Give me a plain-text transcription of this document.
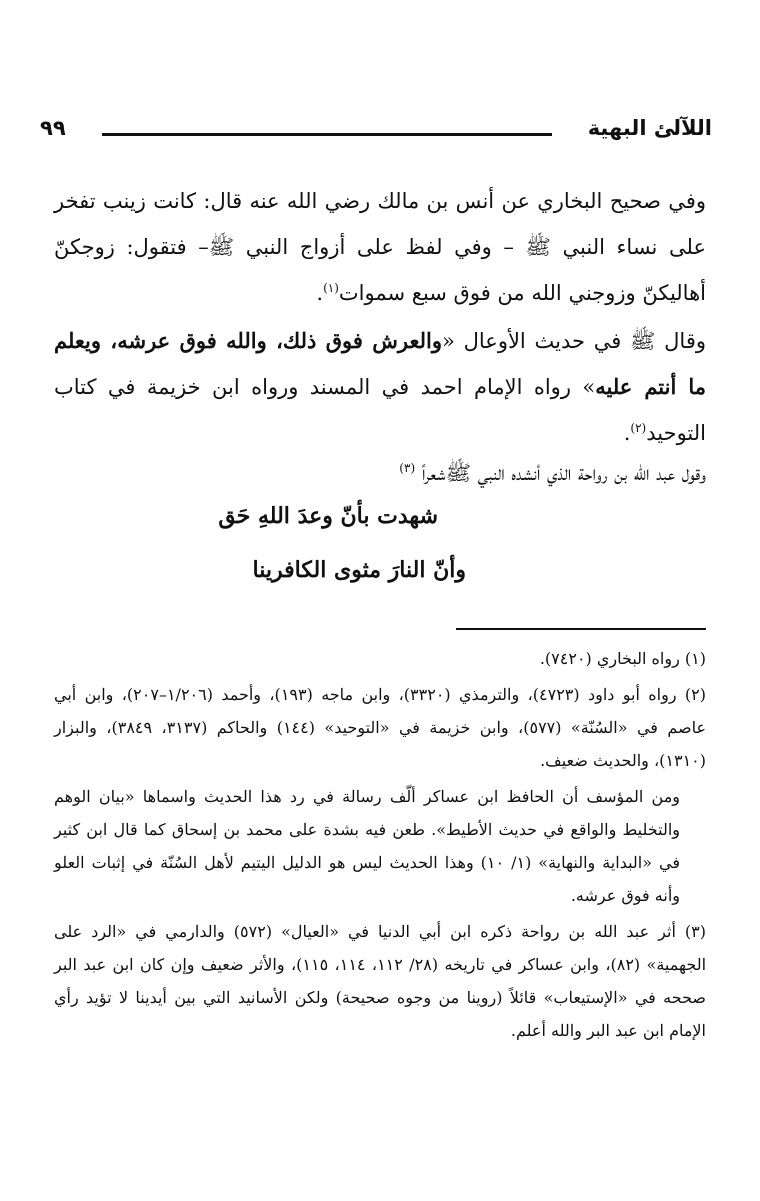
اللآلئ البهية
٩٩

وفي صحيح البخاري عن أنس بن مالك رضي الله عنه قال: كانت زينب تفخر على نساء النبي ﷺ – وفي لفظ على أزواج النبي ﷺ– فتقول: زوجكنّ أهاليكنّ وزوجني الله من فوق سبع سموات$^{(١)}$.

وقال ﷺ في حديث الأوعال «والعرش فوق ذلك، والله فوق عرشه، ويعلم ما أنتم عليه» رواه الإمام احمد في المسند ورواه ابن خزيمة في كتاب التوحيد$^{(٢)}$.

وقول عبد الله بن رواحة الذي أنشده النبي ﷺشعراً $^{(٣)}$

شهدت بأنّ وعدَ اللهِ حَق
وأنّ النارَ مثوى الكافرينا

(١) رواه البخاري (٧٤٢٠).

(٢) رواه أبو داود (٤٧٢٣)، والترمذي (٣٣٢٠)، وابن ماجه (١٩٣)، وأحمد (١/٢٠٦–٢٠٧)، وابن أبي عاصم في «السُنّة» (٥٧٧)، وابن خزيمة في «التوحيد» (١٤٤) والحاكم (٣١٣٧، ٣٨٤٩)، والبزار (١٣١٠)، والحديث ضعيف.

ومن المؤسف أن الحافظ ابن عساكر ألّف رسالة في رد هذا الحديث واسماها «بيان الوهم والتخليط والواقع في حديث الأطيط». طعن فيه بشدة على محمد بن إسحاق كما قال ابن كثير في «البداية والنهاية» (١/ ١٠) وهذا الحديث ليس هو الدليل اليتيم لأهل السُنّة في إثبات العلو وأنه فوق عرشه.

(٣) أثر عبد الله بن رواحة ذكره ابن أبي الدنيا في «العيال» (٥٧٢) والدارمي في «الرد على الجهمية» (٨٢)، وابن عساكر في تاريخه (٢٨/ ١١٢، ١١٤، ١١٥)، والأثر ضعيف وإن كان ابن عبد البر صححه في «الإستيعاب» قائلاً (روينا من وجوه صحيحة) ولكن الأسانيد التي بين أيدينا لا تؤيد رأي الإمام ابن عبد البر والله أعلم.
